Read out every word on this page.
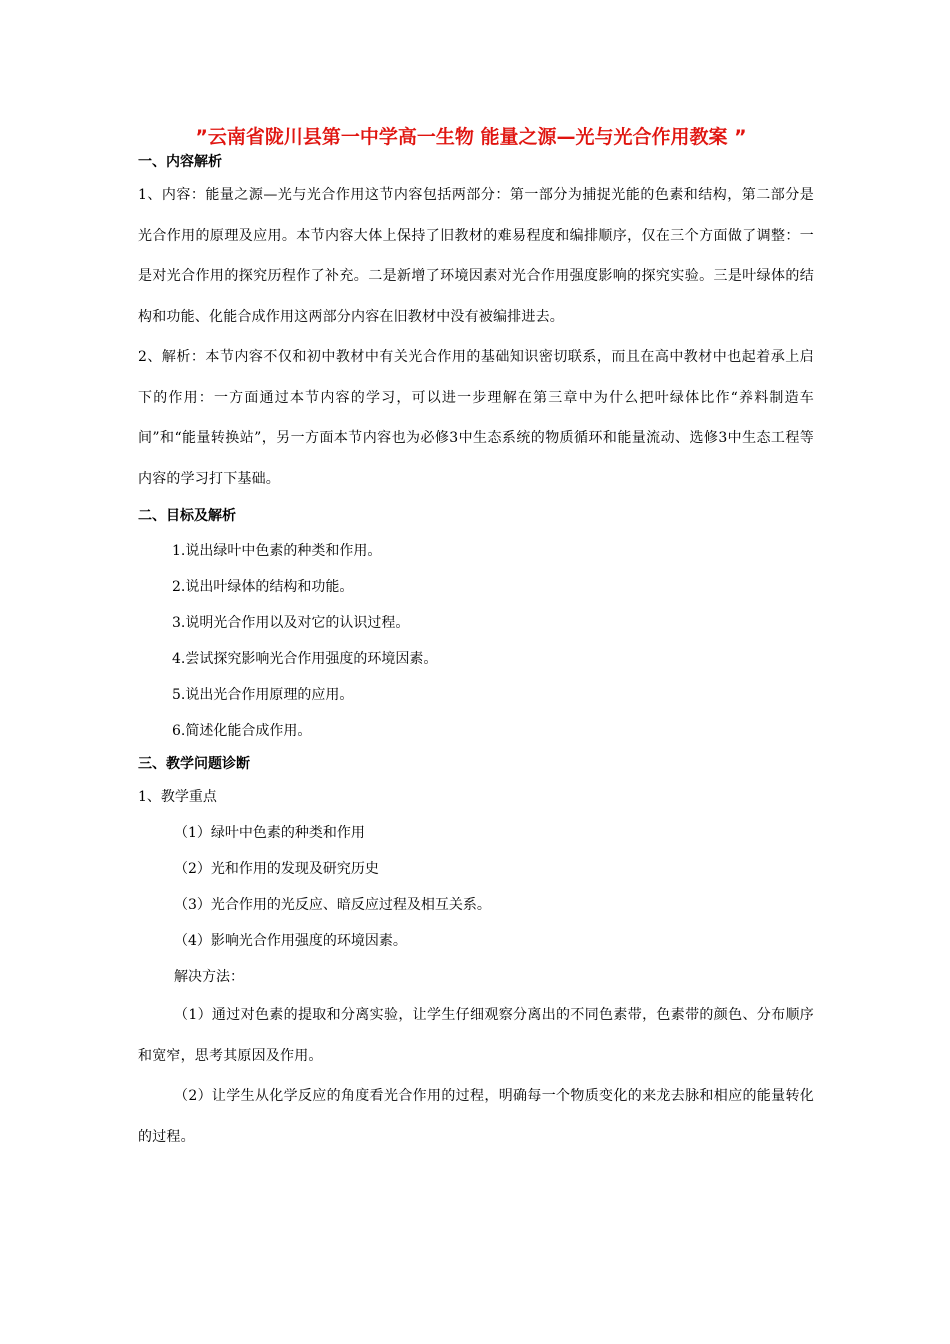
”云南省陇川县第一中学高一生物 能量之源—光与光合作用教案 ”
一、内容解析

1、内容：能量之源—光与光合作用这节内容包括两部分：第一部分为捕捉光能的色素和结构，第二部分是光合作用的原理及应用。本节内容大体上保持了旧教材的难易程度和编排顺序，仅在三个方面做了调整：一是对光合作用的探究历程作了补充。二是新增了环境因素对光合作用强度影响的探究实验。三是叶绿体的结构和功能、化能合成作用这两部分内容在旧教材中没有被编排进去。

2、解析：本节内容不仅和初中教材中有关光合作用的基础知识密切联系，而且在高中教材中也起着承上启下的作用：一方面通过本节内容的学习，可以进一步理解在第三章中为什么把叶绿体比作“养料制造车间”和“能量转换站”，另一方面本节内容也为必修3中生态系统的物质循环和能量流动、选修3中生态工程等内容的学习打下基础。

二、目标及解析

1.说出绿叶中色素的种类和作用。

2.说出叶绿体的结构和功能。

3.说明光合作用以及对它的认识过程。

4.尝试探究影响光合作用强度的环境因素。

5.说出光合作用原理的应用。

6.简述化能合成作用。

三、教学问题诊断

1、教学重点

（1）绿叶中色素的种类和作用

（2）光和作用的发现及研究历史

（3）光合作用的光反应、暗反应过程及相互关系。

（4）影响光合作用强度的环境因素。

解决方法：

（1）通过对色素的提取和分离实验，让学生仔细观察分离出的不同色素带，色素带的颜色、分布顺序和宽窄，思考其原因及作用。

（2）让学生从化学反应的角度看光合作用的过程，明确每一个物质变化的来龙去脉和相应的能量转化的过程。
